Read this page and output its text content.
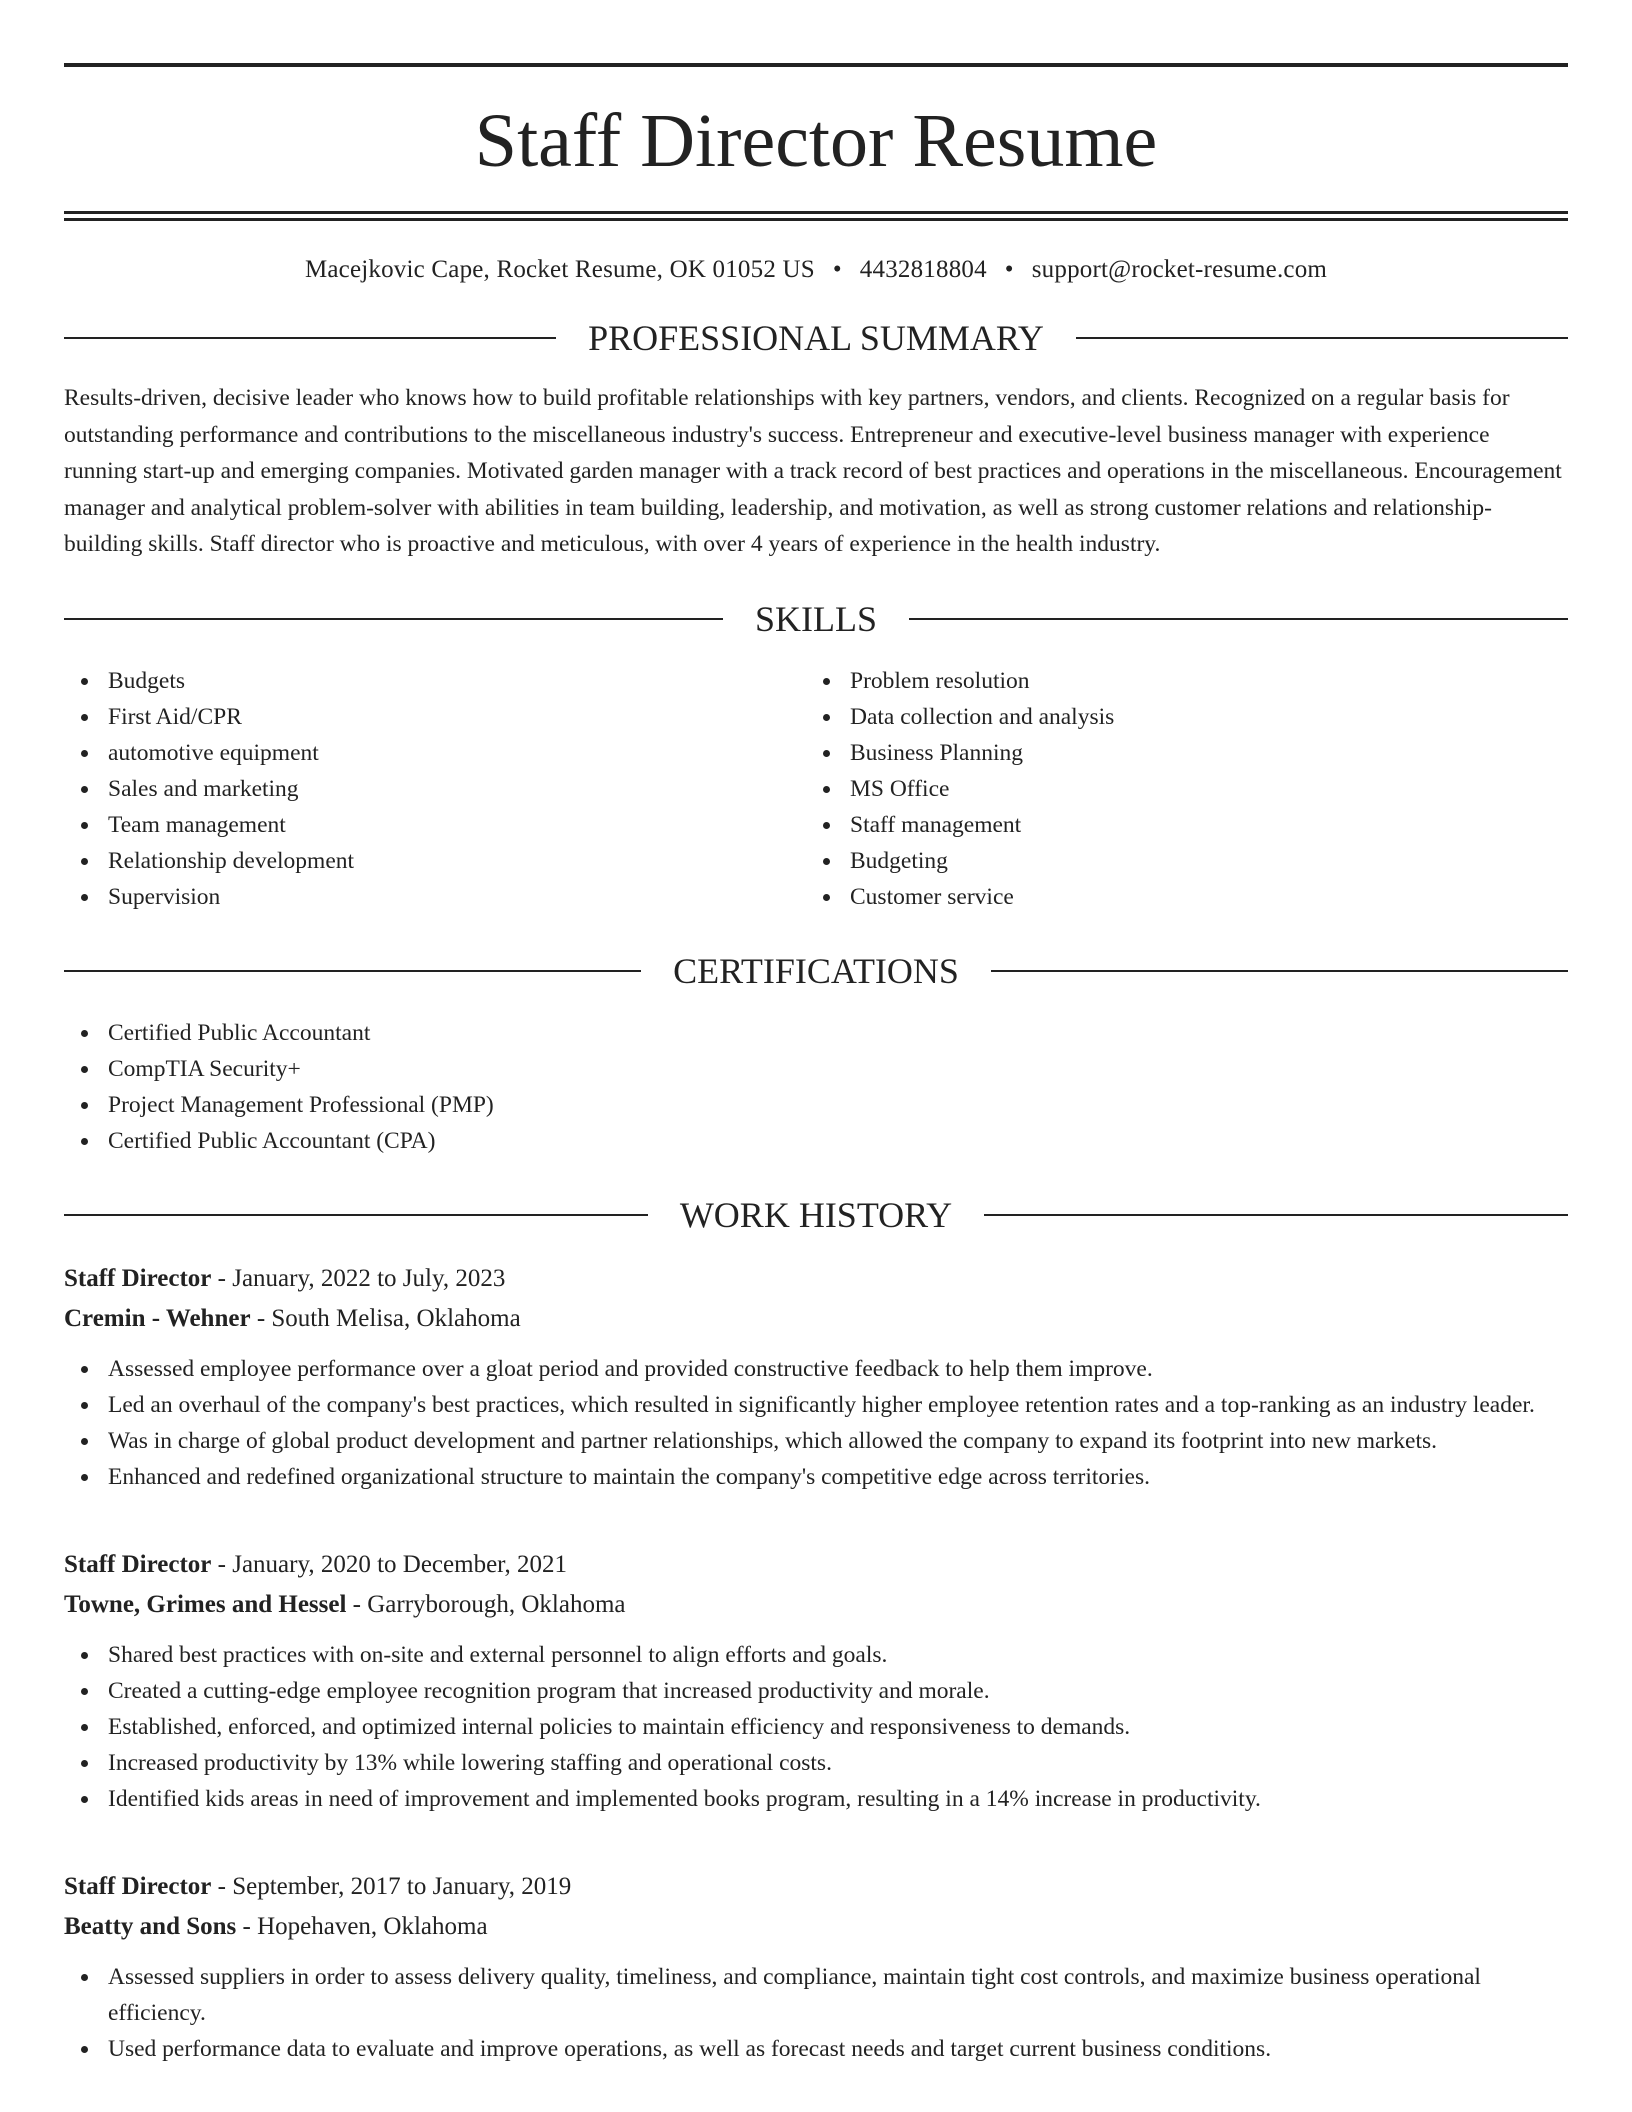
Staff Director Resume
Macejkovic Cape, Rocket Resume, OK 01052 US • 4432818804 • support@rocket-resume.com
PROFESSIONAL SUMMARY

Results-driven, decisive leader who knows how to build profitable relationships with key partners, vendors, and clients. Recognized on a regular basis for outstanding performance and contributions to the miscellaneous industry's success. Entrepreneur and executive-level business manager with experience running start-up and emerging companies. Motivated garden manager with a track record of best practices and operations in the miscellaneous. Encouragement manager and analytical problem-solver with abilities in team building, leadership, and motivation, as well as strong customer relations and relationship-building skills. Staff director who is proactive and meticulous, with over 4 years of experience in the health industry.

SKILLS
Budgets
First Aid/CPR
automotive equipment
Sales and marketing
Team management
Relationship development
Supervision
Problem resolution
Data collection and analysis
Business Planning
MS Office
Staff management
Budgeting
Customer service
CERTIFICATIONS
Certified Public Accountant
CompTIA Security+
Project Management Professional (PMP)
Certified Public Accountant (CPA)
WORK HISTORY
Staff Director - January, 2022 to July, 2023
Cremin - Wehner - South Melisa, Oklahoma
Assessed employee performance over a gloat period and provided constructive feedback to help them improve.
Led an overhaul of the company's best practices, which resulted in significantly higher employee retention rates and a top-ranking as an industry leader.
Was in charge of global product development and partner relationships, which allowed the company to expand its footprint into new markets.
Enhanced and redefined organizational structure to maintain the company's competitive edge across territories.
Staff Director - January, 2020 to December, 2021
Towne, Grimes and Hessel - Garryborough, Oklahoma
Shared best practices with on-site and external personnel to align efforts and goals.
Created a cutting-edge employee recognition program that increased productivity and morale.
Established, enforced, and optimized internal policies to maintain efficiency and responsiveness to demands.
Increased productivity by 13% while lowering staffing and operational costs.
Identified kids areas in need of improvement and implemented books program, resulting in a 14% increase in productivity.
Staff Director - September, 2017 to January, 2019
Beatty and Sons - Hopehaven, Oklahoma
Assessed suppliers in order to assess delivery quality, timeliness, and compliance, maintain tight cost controls, and maximize business operational efficiency.
Used performance data to evaluate and improve operations, as well as forecast needs and target current business conditions.
